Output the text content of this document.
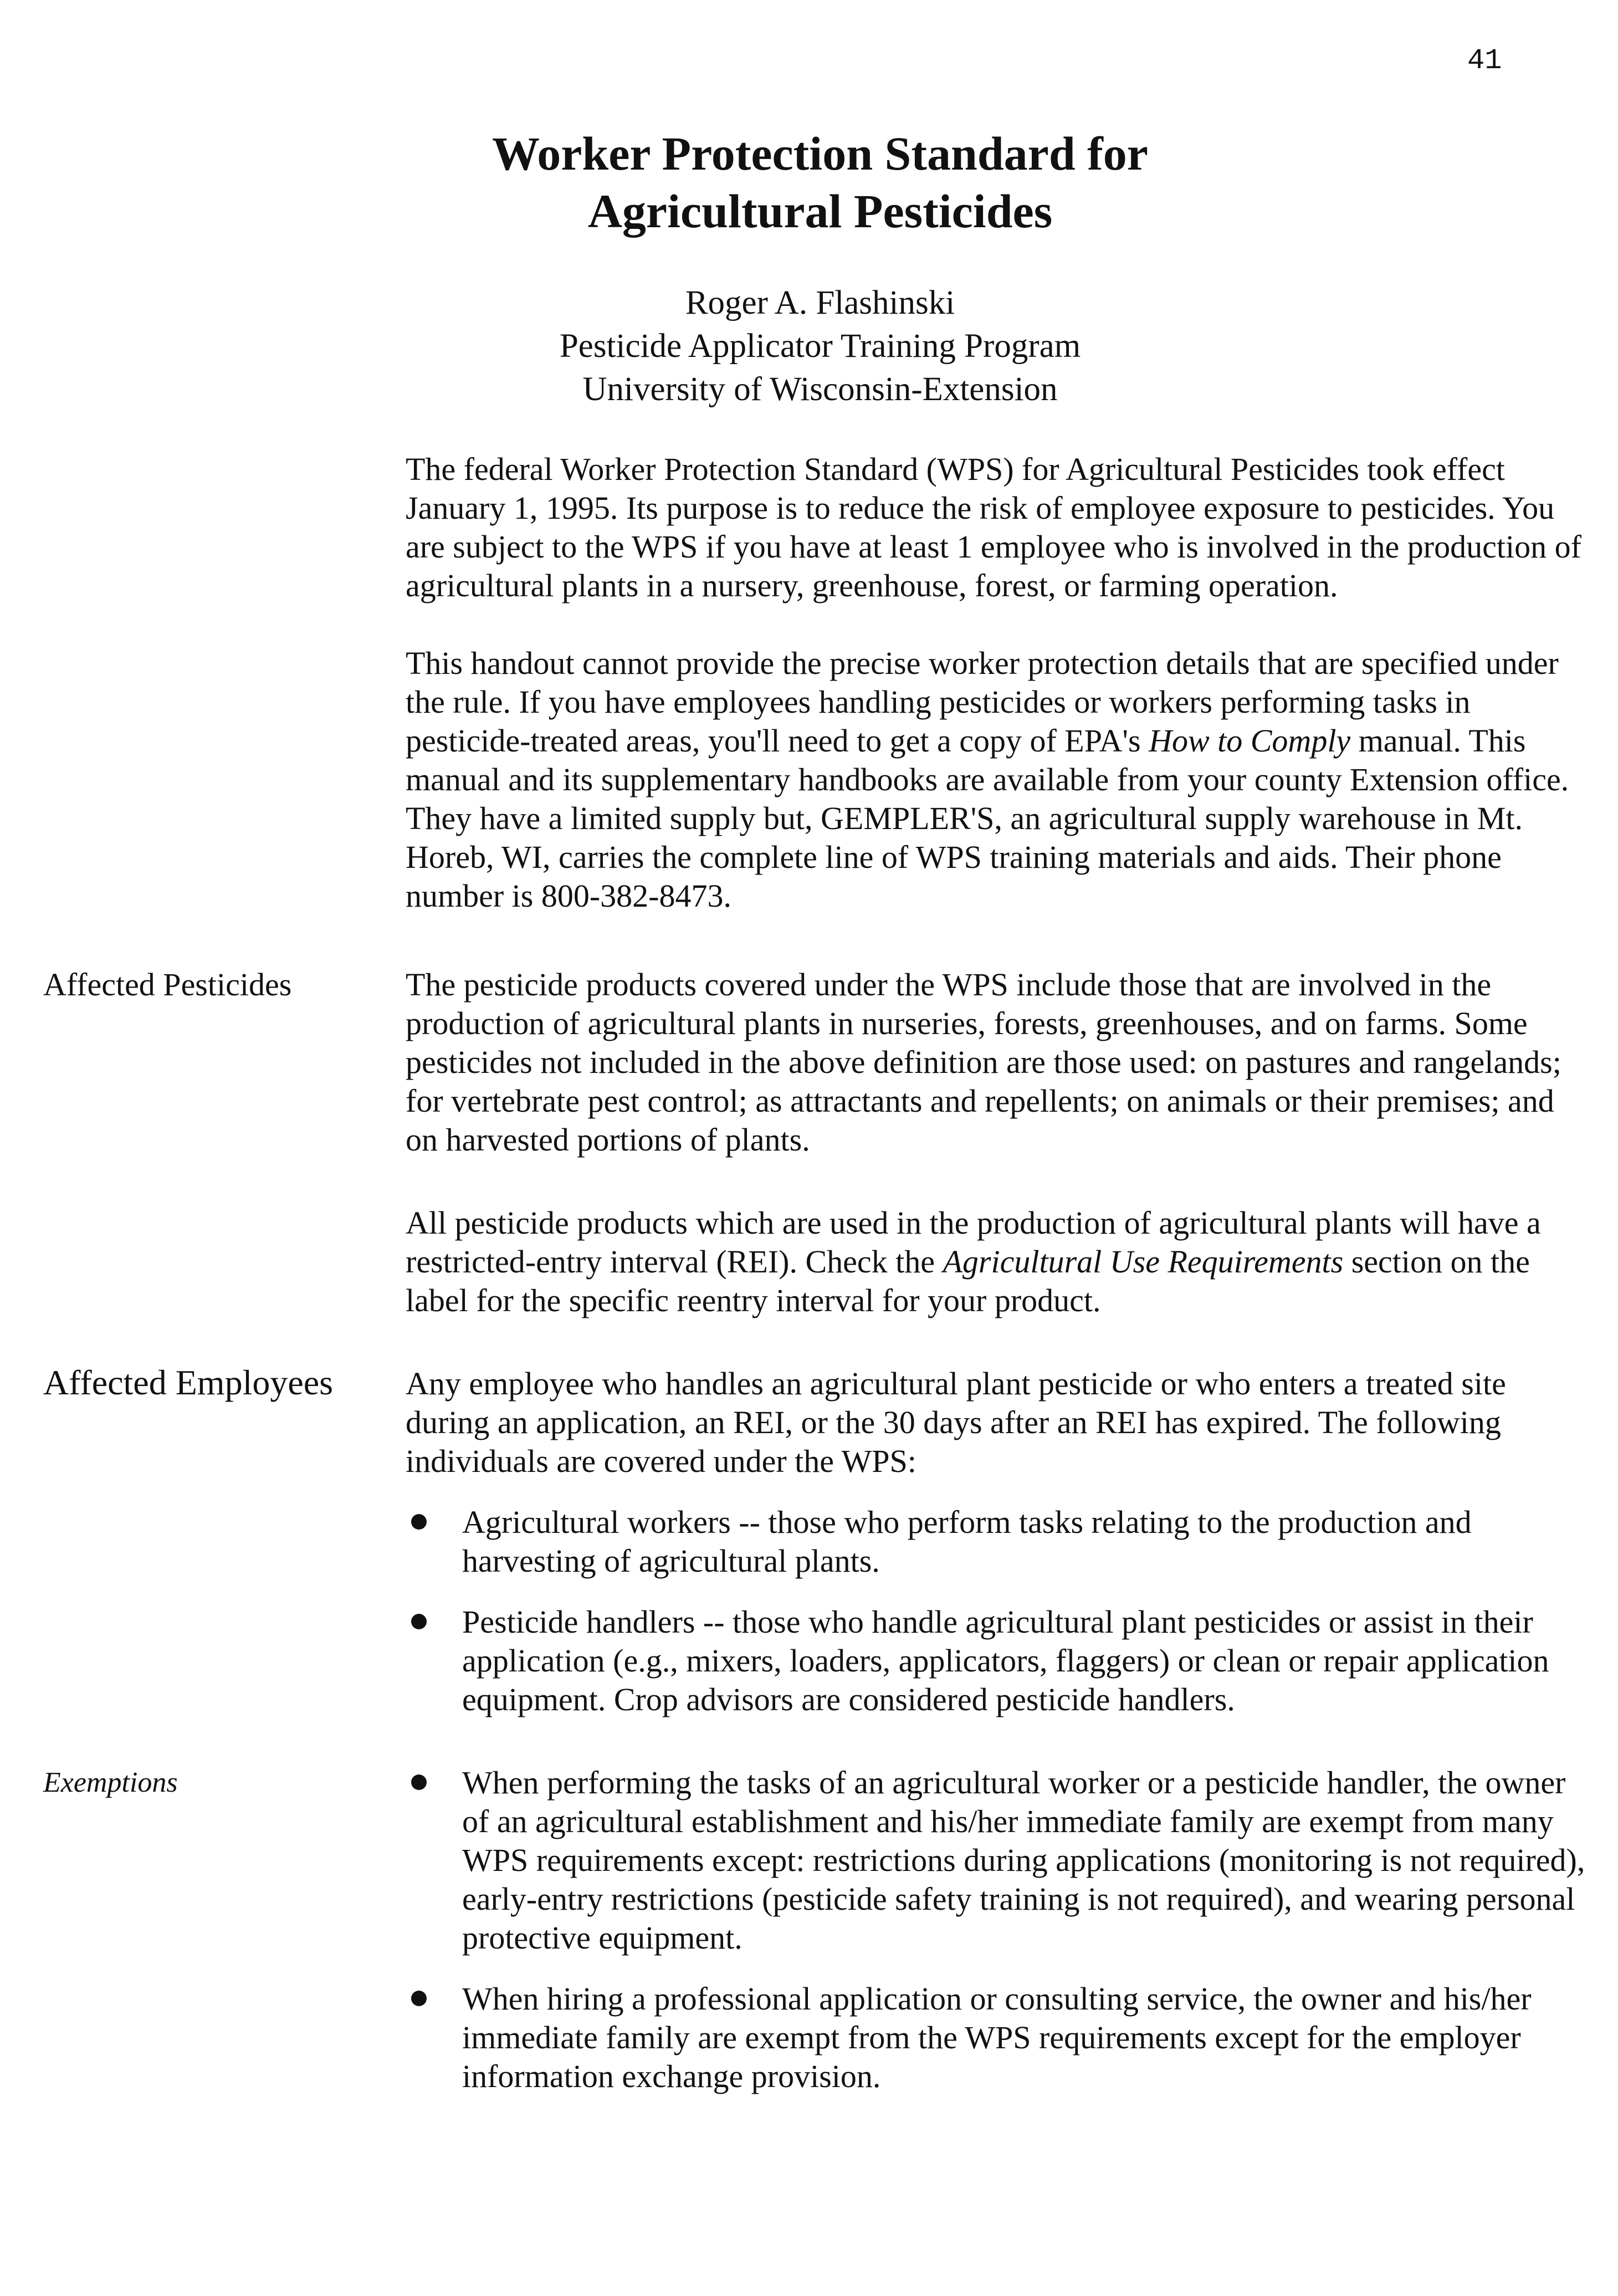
41
Worker Protection Standard for
Agricultural Pesticides
Roger A. Flashinski
Pesticide Applicator Training Program
University of Wisconsin-Extension

The federal Worker Protection Standard (WPS) for Agricultural Pesticides took effect January 1, 1995. Its purpose is to reduce the risk of employee exposure to pesticides. You are subject to the WPS if you have at least 1 employee who is involved in the production of agricultural plants in a nursery, greenhouse, forest, or farming operation.

This handout cannot provide the precise worker protection details that are specified under the rule. If you have employees handling pesticides or workers performing tasks in pesticide-treated areas, you'll need to get a copy of EPA's How to Comply manual. This manual and its supplementary handbooks are available from your county Extension office. They have a limited supply but, GEMPLER'S, an agricultural supply warehouse in Mt. Horeb, WI, carries the complete line of WPS training materials and aids. Their phone number is 800-382-8473.

Affected Pesticides	The pesticide products covered under the WPS include those that are involved in the production of agricultural plants in nurseries, forests, greenhouses, and on farms. Some pesticides not included in the above definition are those used: on pastures and rangelands; for vertebrate pest control; as attractants and repellents; on animals or their premises; and on harvested portions of plants.

All pesticide products which are used in the production of agricultural plants will have a restricted-entry interval (REI). Check the Agricultural Use Requirements section on the label for the specific reentry interval for your product.

Affected Employees Any employee who handles an agricultural plant pesticide or who enters a treated site during an application, an REI, or the 30 days after an REI has expired. The following individuals are covered under the WPS:

Agricultural workers -- those who perform tasks relating to the production and harvesting of agricultural plants.
Pesticide handlers -- those who handle agricultural plant pesticides or assist in their application (e.g., mixers, loaders, applicators, flaggers) or clean or repair application equipment. Crop advisors are considered pesticide handlers.
Exemptions	When performing the tasks of an agricultural worker or a pesticide handler, the owner of an agricultural establishment and his/her immediate family are exempt from many WPS requirements except: restrictions during applications (monitoring is not required), early-entry restrictions (pesticide safety training is not required), and wearing personal protective equipment.
When hiring a professional application or consulting service, the owner and his/her immediate family are exempt from the WPS requirements except for the employer information exchange provision.
